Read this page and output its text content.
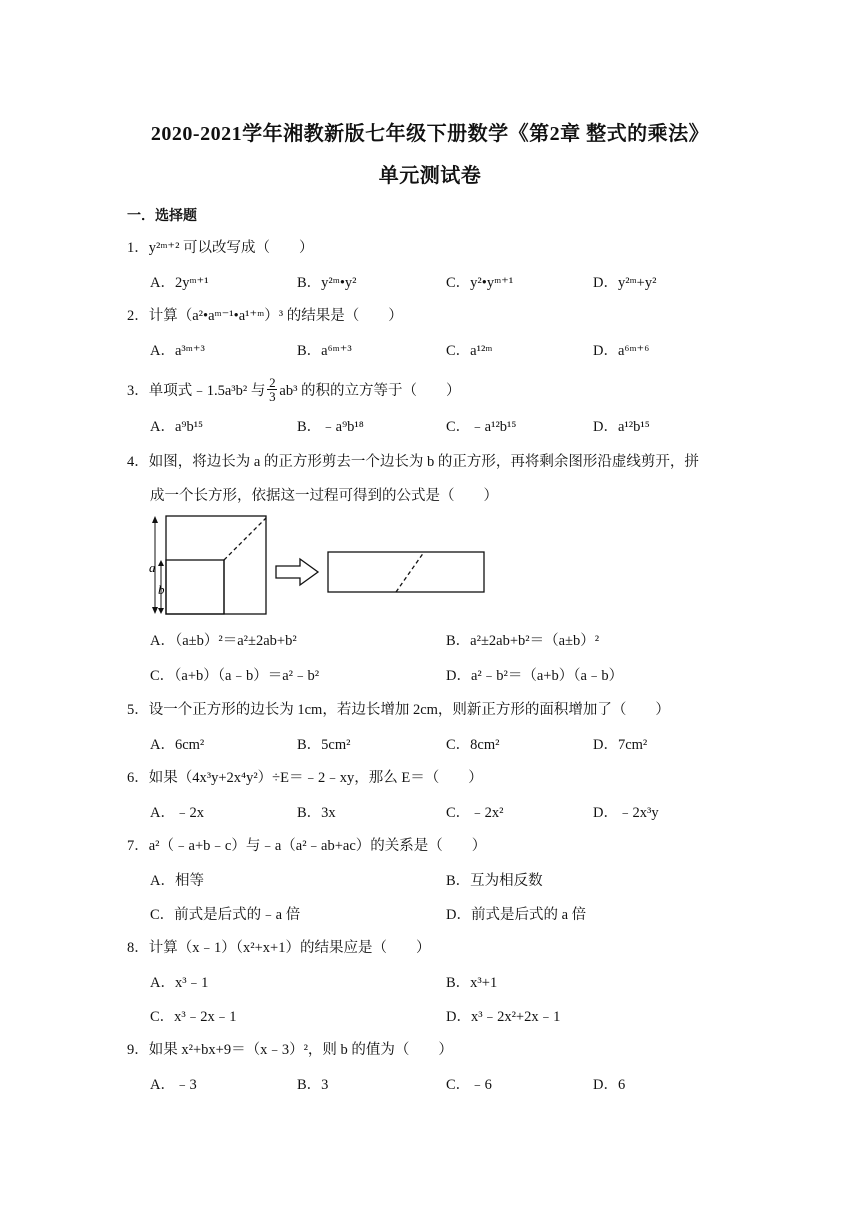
2020-2021学年湘教新版七年级下册数学《第2章 整式的乘法》
单元测试卷
一．选择题
1．y²ᵐ⁺² 可以改写成（　　）
A．2yᵐ⁺¹	B．y²ᵐ•y²	C．y²•yᵐ⁺¹	D．y²ᵐ+y²
2．计算（a²•aᵐ⁻¹•a¹⁺ᵐ）³ 的结果是（　　）
A．a³ᵐ⁺³	B．a⁶ᵐ⁺³	C．a¹²ᵐ	D．a⁶ᵐ⁺⁶
3．单项式﹣1.5a³b² 与
2
3 ab³ 的积的立方等于（　　）
A．a⁹b¹⁵	B．﹣a⁹b¹⁸	C．﹣a¹²b¹⁵	D．a¹²b¹⁵
4．如图，将边长为 a 的正方形剪去一个边长为 b 的正方形，再将剩余图形沿虚线剪开，拼
成一个长方形，依据这一过程可得到的公式是（　　）
a
b
A．（a±b）²＝a²±2ab+b²	B．a²±2ab+b²＝（a±b）²
C．（a+b）（a﹣b）＝a²﹣b²	D．a²﹣b²＝（a+b）（a﹣b）
5．设一个正方形的边长为 1cm，若边长增加 2cm，则新正方形的面积增加了（　　）
A．6cm²	B．5cm²	C．8cm²	D．7cm²
6．如果（4x³y+2x⁴y²）÷E＝﹣2﹣xy，那么 E＝（　　）
A．﹣2x	B．3x	C．﹣2x²	D．﹣2x³y
7．a²（﹣a+b﹣c）与﹣a（a²﹣ab+ac）的关系是（　　）
A．相等	B．互为相反数
C．前式是后式的﹣a 倍	D．前式是后式的 a 倍
8．计算（x﹣1）（x²+x+1）的结果应是（　　）
A．x³﹣1	B．x³+1
C．x³﹣2x﹣1	D．x³﹣2x²+2x﹣1
9．如果 x²+bx+9＝（x﹣3）²，则 b 的值为（　　）
A．﹣3	B．3	C．﹣6	D．6
